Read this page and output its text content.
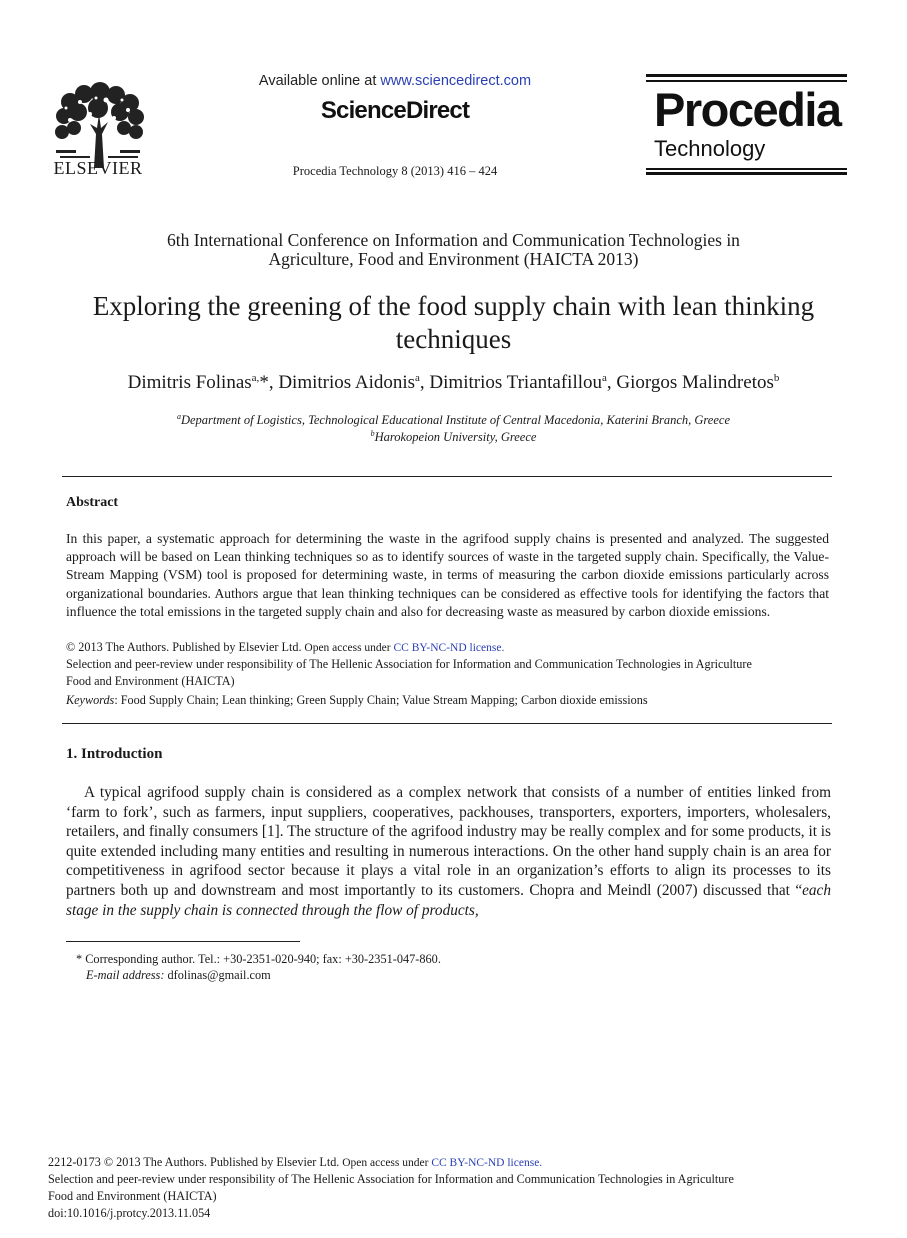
ELSEVIER
Available online at www.sciencedirect.com
ScienceDirect
Procedia Technology 8 (2013) 416 – 424
Procedia
Technology
6th International Conference on Information and Communication Technologies in
Agriculture, Food and Environment (HAICTA 2013)
Exploring the greening of the food supply chain with lean thinking
techniques
Dimitris Folinas$^{a,}$*, Dimitrios Aidonis$^a$, Dimitrios Triantafillou$^a$, Giorgos Malindretos$^b$
$^a$Department of Logistics, Technological Educational Institute of Central Macedonia, Katerini Branch, Greece
$^b$Harokopeion University, Greece
Abstract
In this paper, a systematic approach for determining the waste in the agrifood supply chains is presented and analyzed. The suggested approach will be based on Lean thinking techniques so as to identify sources of waste in the targeted supply chain. Specifically, the Value-Stream Mapping (VSM) tool is proposed for determining waste, in terms of measuring the carbon dioxide emissions particularly across organizational boundaries. Authors argue that lean thinking techniques can be considered as effective tools for identifying the factors that influence the total emissions in the targeted supply chain and also for decreasing waste as measured by carbon dioxide emissions.
© 2013 The Authors. Published by Elsevier Ltd. Open access under CC BY-NC-ND license.
Selection and peer-review under responsibility of The Hellenic Association for Information and Communication Technologies in Agriculture
Food and Environment (HAICTA)
Keywords: Food Supply Chain; Lean thinking; Green Supply Chain; Value Stream Mapping; Carbon dioxide emissions
1. Introduction
A typical agrifood supply chain is considered as a complex network that consists of a number of entities linked from ‘farm to fork’, such as farmers, input suppliers, cooperatives, packhouses, transporters, exporters, importers, wholesalers, retailers, and finally consumers [1]. The structure of the agrifood industry may be really complex and for some products, it is quite extended including many entities and resulting in numerous interactions. On the other hand supply chain is an area for competitiveness in agrifood sector because it plays a vital role in an organization’s efforts to align its processes to its partners both up and downstream and most importantly to its customers. Chopra and Meindl (2007) discussed that “each stage in the supply chain is connected through the flow of products,
* Corresponding author. Tel.: +30-2351-020-940; fax: +30-2351-047-860.
E-mail address: dfolinas@gmail.com
2212-0173 © 2013 The Authors. Published by Elsevier Ltd. Open access under CC BY-NC-ND license.
Selection and peer-review under responsibility of The Hellenic Association for Information and Communication Technologies in Agriculture
Food and Environment (HAICTA)
doi:10.1016/j.protcy.2013.11.054
